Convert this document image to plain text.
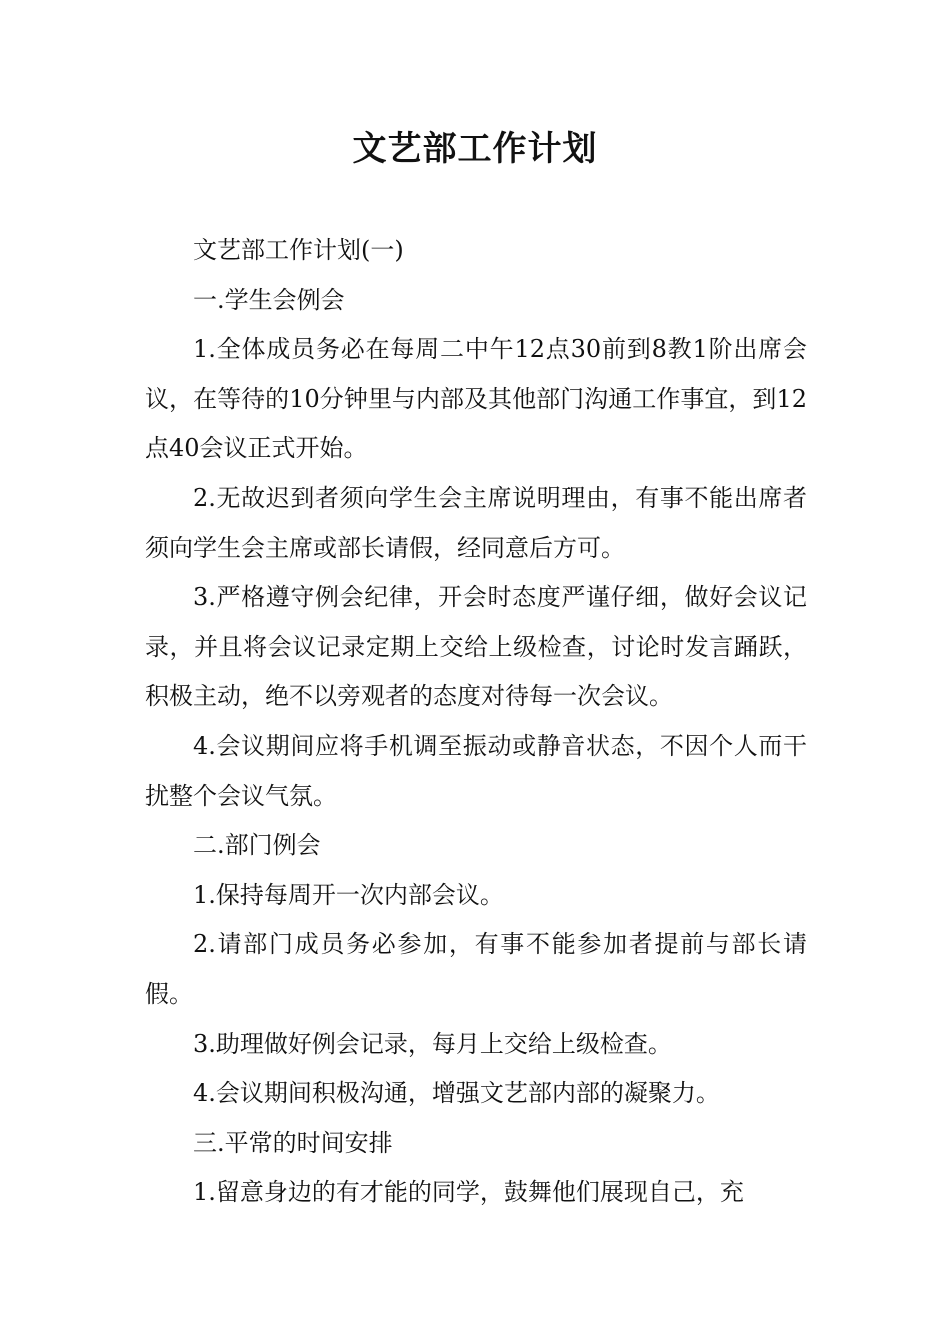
文艺部工作计划

文艺部工作计划(一)

一.学生会例会

1.全体成员务必在每周二中午12点30前到8教1阶出席会议，在等待的10分钟里与内部及其他部门沟通工作事宜，到12点40会议正式开始。

2.无故迟到者须向学生会主席说明理由，有事不能出席者须向学生会主席或部长请假，经同意后方可。

3.严格遵守例会纪律，开会时态度严谨仔细，做好会议记录，并且将会议记录定期上交给上级检查，讨论时发言踊跃，积极主动，绝不以旁观者的态度对待每一次会议。

4.会议期间应将手机调至振动或静音状态，不因个人而干扰整个会议气氛。

二.部门例会

1.保持每周开一次内部会议。

2.请部门成员务必参加，有事不能参加者提前与部长请假。

3.助理做好例会记录，每月上交给上级检查。

4.会议期间积极沟通，增强文艺部内部的凝聚力。

三.平常的时间安排

1.留意身边的有才能的同学，鼓舞他们展现自己，充
